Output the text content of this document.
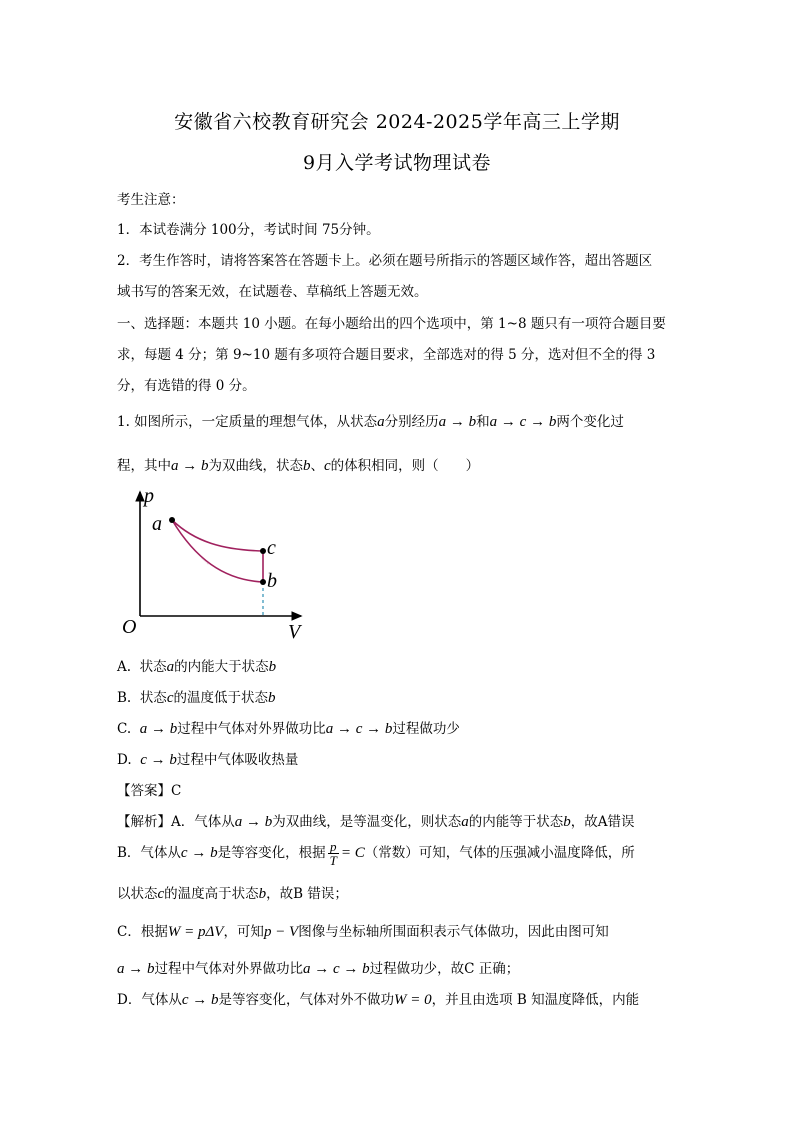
安徽省六校教育研究会 2024-2025学年高三上学期
9月入学考试物理试卷
考生注意：
1．本试卷满分 100分，考试时间 75分钟。
2．考生作答时，请将答案答在答题卡上。必须在题号所指示的答题区域作答，超出答题区
域书写的答案无效，在试题卷、草稿纸上答题无效。
一、选择题：本题共 10 小题。在每小题给出的四个选项中，第 1~8 题只有一项符合题目要
求，每题 4 分；第 9~10 题有多项符合题目要求，全部选对的得 5 分，选对但不全的得 3
分，有选错的得 0 分。
1. 如图所示，一定质量的理想气体，从状态a分别经历a → b和a → c → b两个变化过
程，其中a → b为双曲线，状态b、c的体积相同，则（　　）
p
V
O
a
c
b
A. 状态a的内能大于状态b
B. 状态c的温度低于状态b
C. a → b过程中气体对外界做功比a → c → b过程做功少
D. c → b过程中气体吸收热量
【答案】C
【解析】A．气体从a → b为双曲线，是等温变化，则状态a的内能等于状态b，故A错误
B．气体从c → b是等容变化，根据 $\frac{p}{T} = C$（常数）可知，气体的压强减小温度降低，所
以状态c的温度高于状态b，故B 错误；
C．根据W = pΔV，可知p − V图像与坐标轴所围面积表示气体做功，因此由图可知
a → b过程中气体对外界做功比a → c → b过程做功少，故C 正确；
D．气体从c → b是等容变化，气体对外不做功W = 0，并且由选项 B 知温度降低，内能
